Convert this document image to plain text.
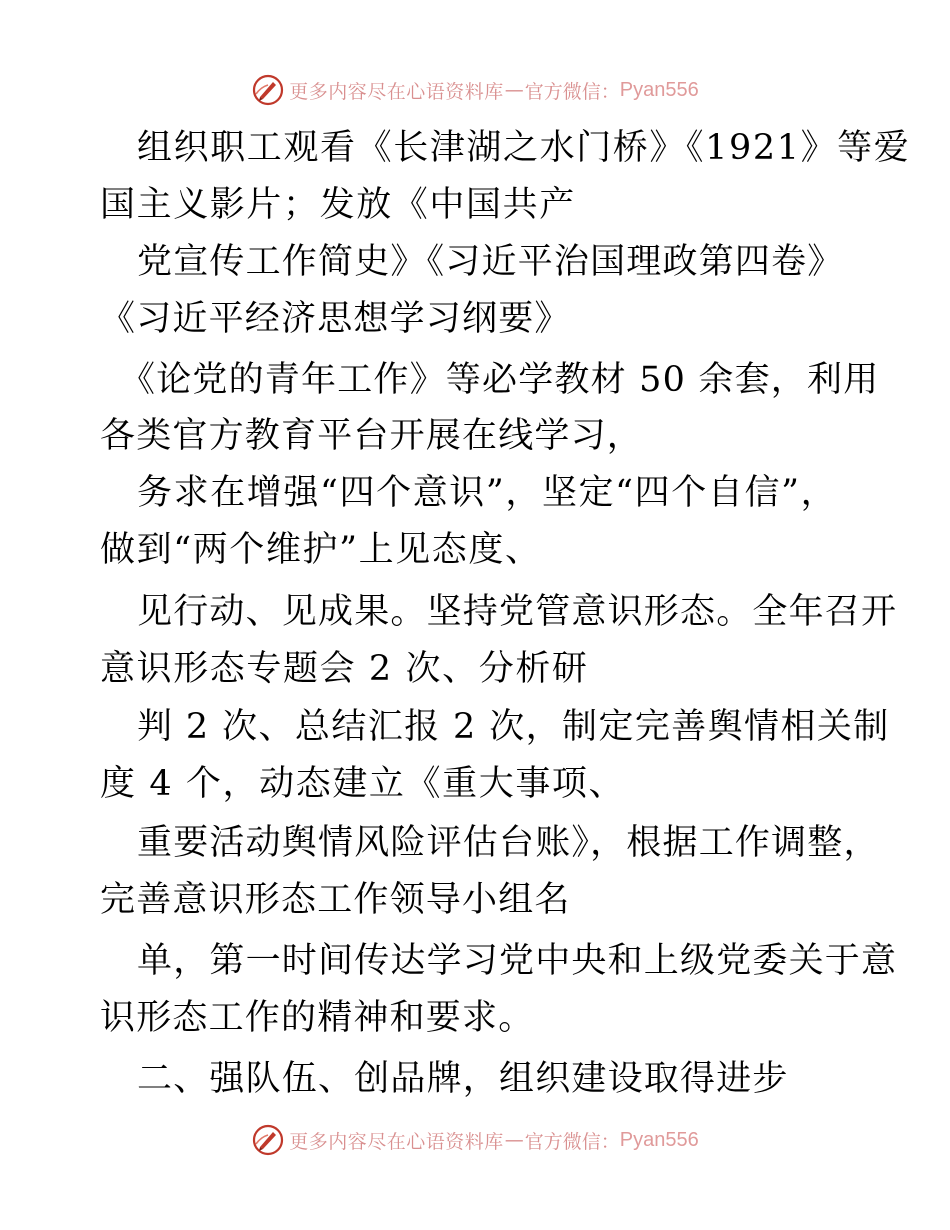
更多内容尽在心语资料库 — 官方微信： Pyan556
组织职工观看《长津湖之水门桥》《1921》等爱
国主义影片；发放《中国共产
党宣传工作简史》《习近平治国理政第四卷》
《习近平经济思想学习纲要》
《论党的青年工作》等必学教材 50 余套，利用
各类官方教育平台开展在线学习，
务求在增强“四个意识”，坚定“四个自信”，
做到“两个维护”上见态度、
见行动、见成果。坚持党管意识形态。全年召开
意识形态专题会 2 次、分析研
判 2 次、总结汇报 2 次，制定完善舆情相关制
度 4 个，动态建立《重大事项、
重要活动舆情风险评估台账》，根据工作调整，
完善意识形态工作领导小组名
单，第一时间传达学习党中央和上级党委关于意
识形态工作的精神和要求。
二、强队伍、创品牌，组织建设取得进步
更多内容尽在心语资料库 — 官方微信： Pyan556
